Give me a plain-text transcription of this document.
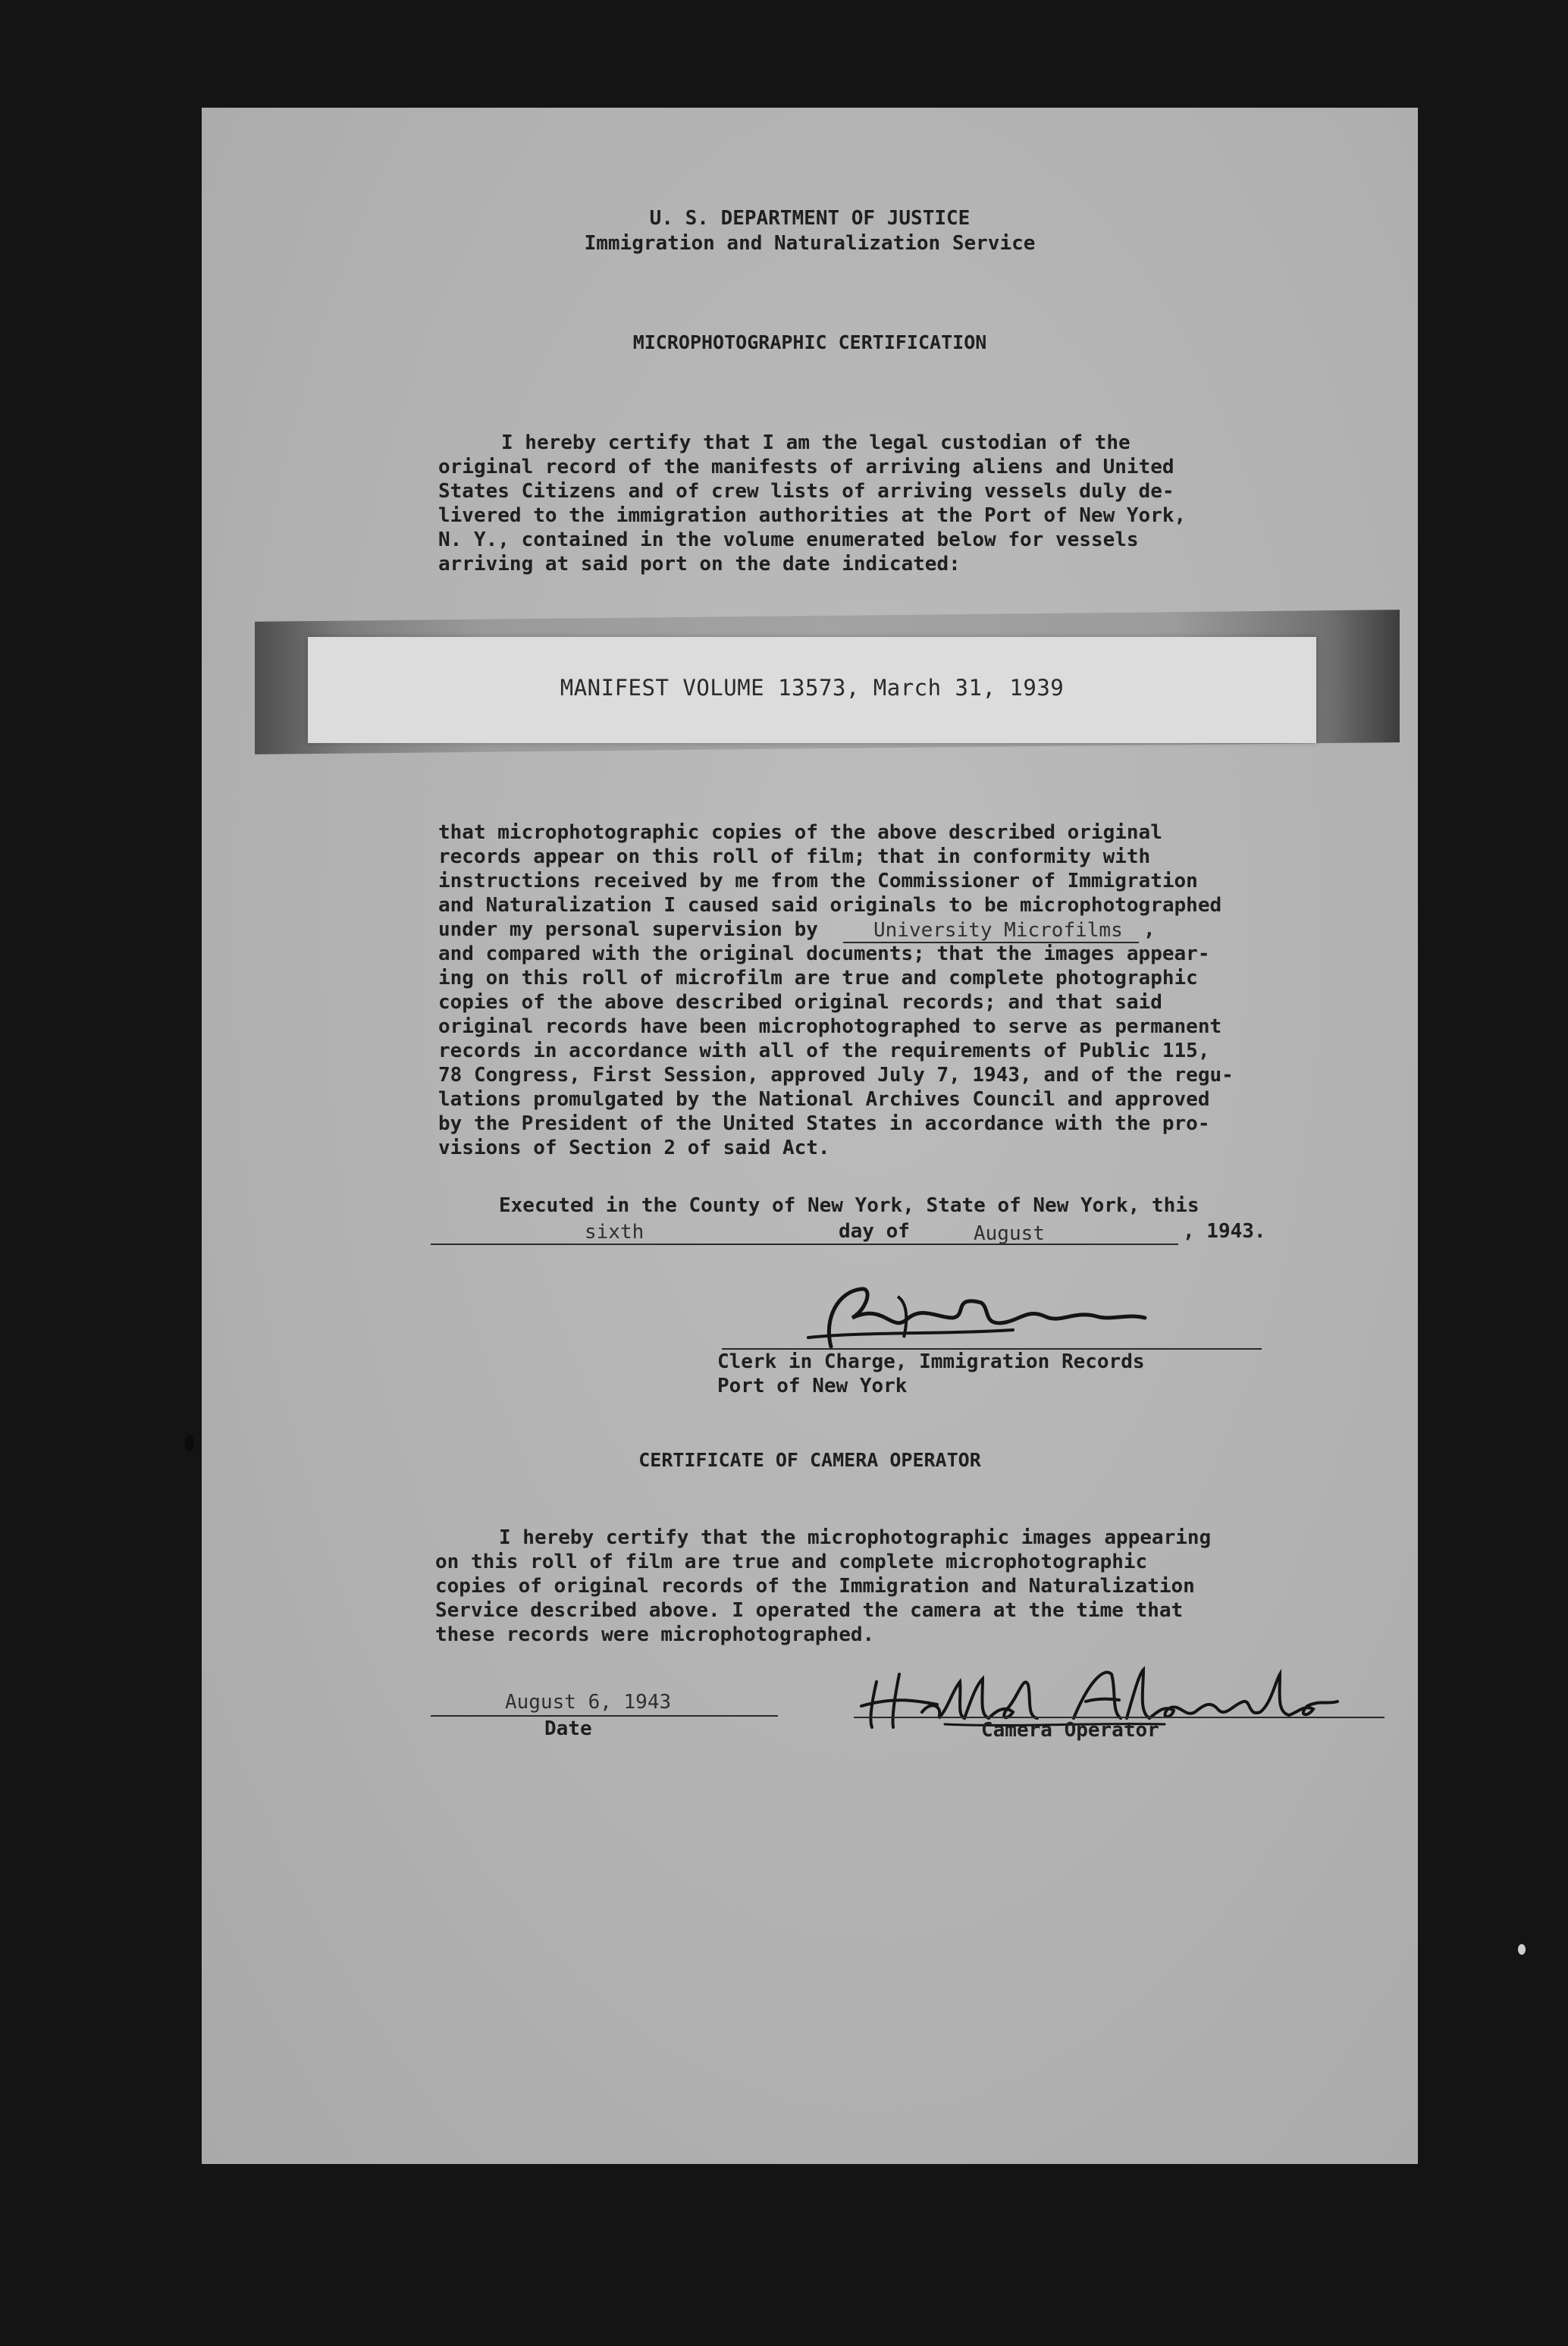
U. S. DEPARTMENT OF JUSTICE
Immigration and Naturalization Service
MICROPHOTOGRAPHIC CERTIFICATION
I hereby certify that I am the legal custodian of the
original record of the manifests of arriving aliens and United
States Citizens and of crew lists of arriving vessels duly de-
livered to the immigration authorities at the Port of New York,
N. Y., contained in the volume enumerated below for vessels
arriving at said port on the date indicated:
MANIFEST VOLUME 13573, March 31, 1939
that microphotographic copies of the above described original
records appear on this roll of film; that in conformity with
instructions received by me from the Commissioner of Immigration
and Naturalization I caused said originals to be microphotographed
under my personal supervision by	University Microfilms ,
and compared with the original documents; that the images appear-
ing on this roll of microfilm are true and complete photographic
copies of the above described original records; and that said
original records have been microphotographed to serve as permanent
records in accordance with all of the requirements of Public 115,
78 Congress, First Session, approved July 7, 1943, and of the regu-
lations promulgated by the National Archives Council and approved
by the President of the United States in accordance with the pro-
visions of Section 2 of said Act.
Executed in the County of New York, State of New York, this
sixth	day of	August	, 1943.
Clerk in Charge, Immigration Records
Port of New York
CERTIFICATE OF CAMERA OPERATOR
I hereby certify that the microphotographic images appearing
on this roll of film are true and complete microphotographic
copies of original records of the Immigration and Naturalization
Service described above. I operated the camera at the time that
these records were microphotographed.
August 6, 1943
Date	Camera Operator
